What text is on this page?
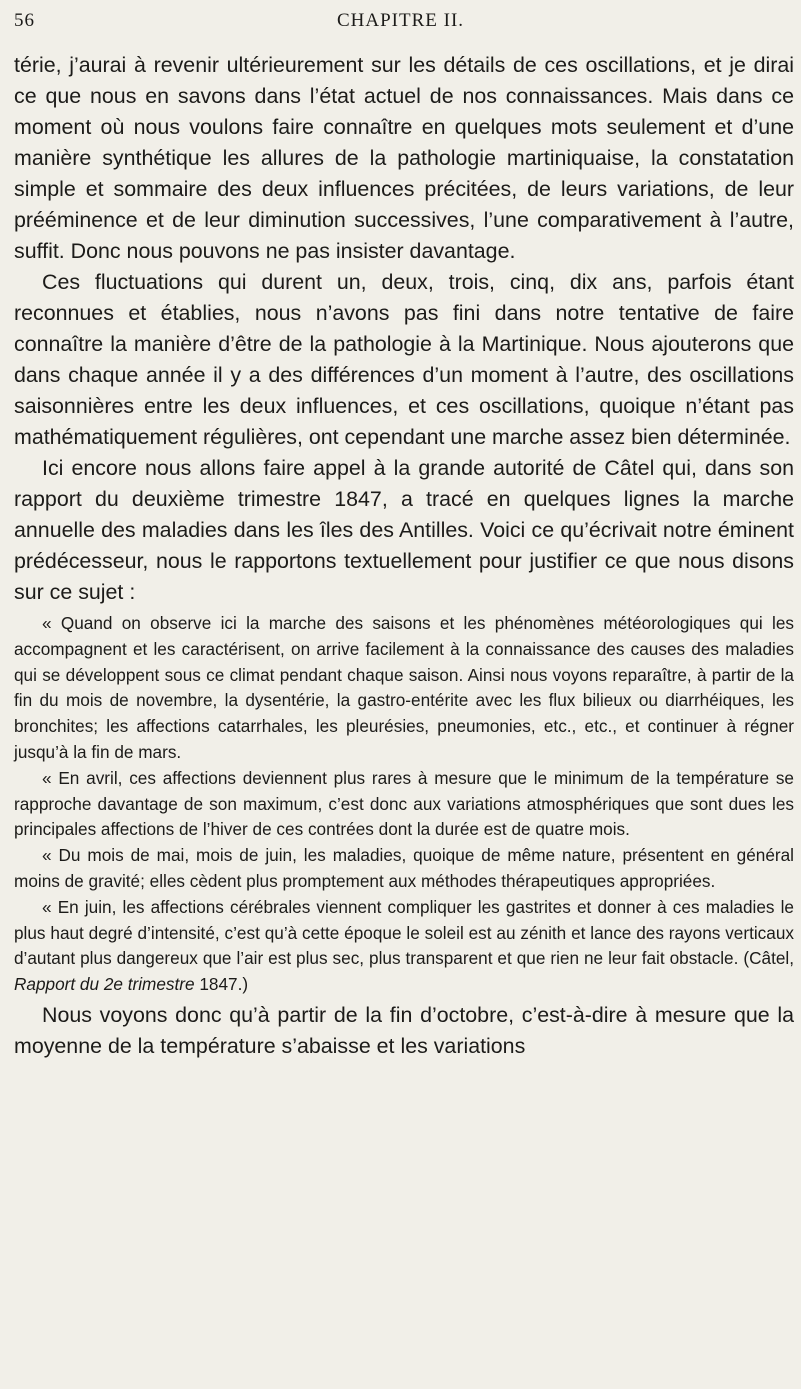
56	CHAPITRE II.

térie, j’aurai à revenir ultérieurement sur les détails de ces oscillations, et je dirai ce que nous en savons dans l’état actuel de nos connaissances. Mais dans ce moment où nous voulons faire connaître en quelques mots seulement et d’une manière synthétique les allures de la pathologie martiniquaise, la constatation simple et sommaire des deux influences précitées, de leurs variations, de leur prééminence et de leur diminution successives, l’une comparativement à l’autre, suffit. Donc nous pouvons ne pas insister davantage.

Ces fluctuations qui durent un, deux, trois, cinq, dix ans, parfois étant reconnues et établies, nous n’avons pas fini dans notre tentative de faire connaître la manière d’être de la pathologie à la Martinique. Nous ajouterons que dans chaque année il y a des différences d’un moment à l’autre, des oscillations saisonnières entre les deux influences, et ces oscillations, quoique n’étant pas mathématiquement régulières, ont cependant une marche assez bien déterminée.

Ici encore nous allons faire appel à la grande autorité de Câtel qui, dans son rapport du deuxième trimestre 1847, a tracé en quelques lignes la marche annuelle des maladies dans les îles des Antilles. Voici ce qu’écrivait notre éminent prédécesseur, nous le rapportons textuellement pour justifier ce que nous disons sur ce sujet :

« Quand on observe ici la marche des saisons et les phénomènes météorologiques qui les accompagnent et les caractérisent, on arrive facilement à la connaissance des causes des maladies qui se développent sous ce climat pendant chaque saison. Ainsi nous voyons reparaître, à partir de la fin du mois de novembre, la dysentérie, la gastro-entérite avec les flux bilieux ou diarrhéiques, les bronchites; les affections catarrhales, les pleurésies, pneumonies, etc., etc., et continuer à régner jusqu’à la fin de mars.

« En avril, ces affections deviennent plus rares à mesure que le minimum de la température se rapproche davantage de son maximum, c’est donc aux variations atmosphériques que sont dues les principales affections de l’hiver de ces contrées dont la durée est de quatre mois.

« Du mois de mai, mois de juin, les maladies, quoique de même nature, présentent en général moins de gravité; elles cèdent plus promptement aux méthodes thérapeutiques appropriées.

« En juin, les affections cérébrales viennent compliquer les gastrites et donner à ces maladies le plus haut degré d’intensité, c’est qu’à cette époque le soleil est au zénith et lance des rayons verticaux d’autant plus dangereux que l’air est plus sec, plus transparent et que rien ne leur fait obstacle. (Câtel, Rapport du 2e trimestre 1847.)

Nous voyons donc qu’à partir de la fin d’octobre, c’est-à-dire à mesure que la moyenne de la température s’abaisse et les variations
